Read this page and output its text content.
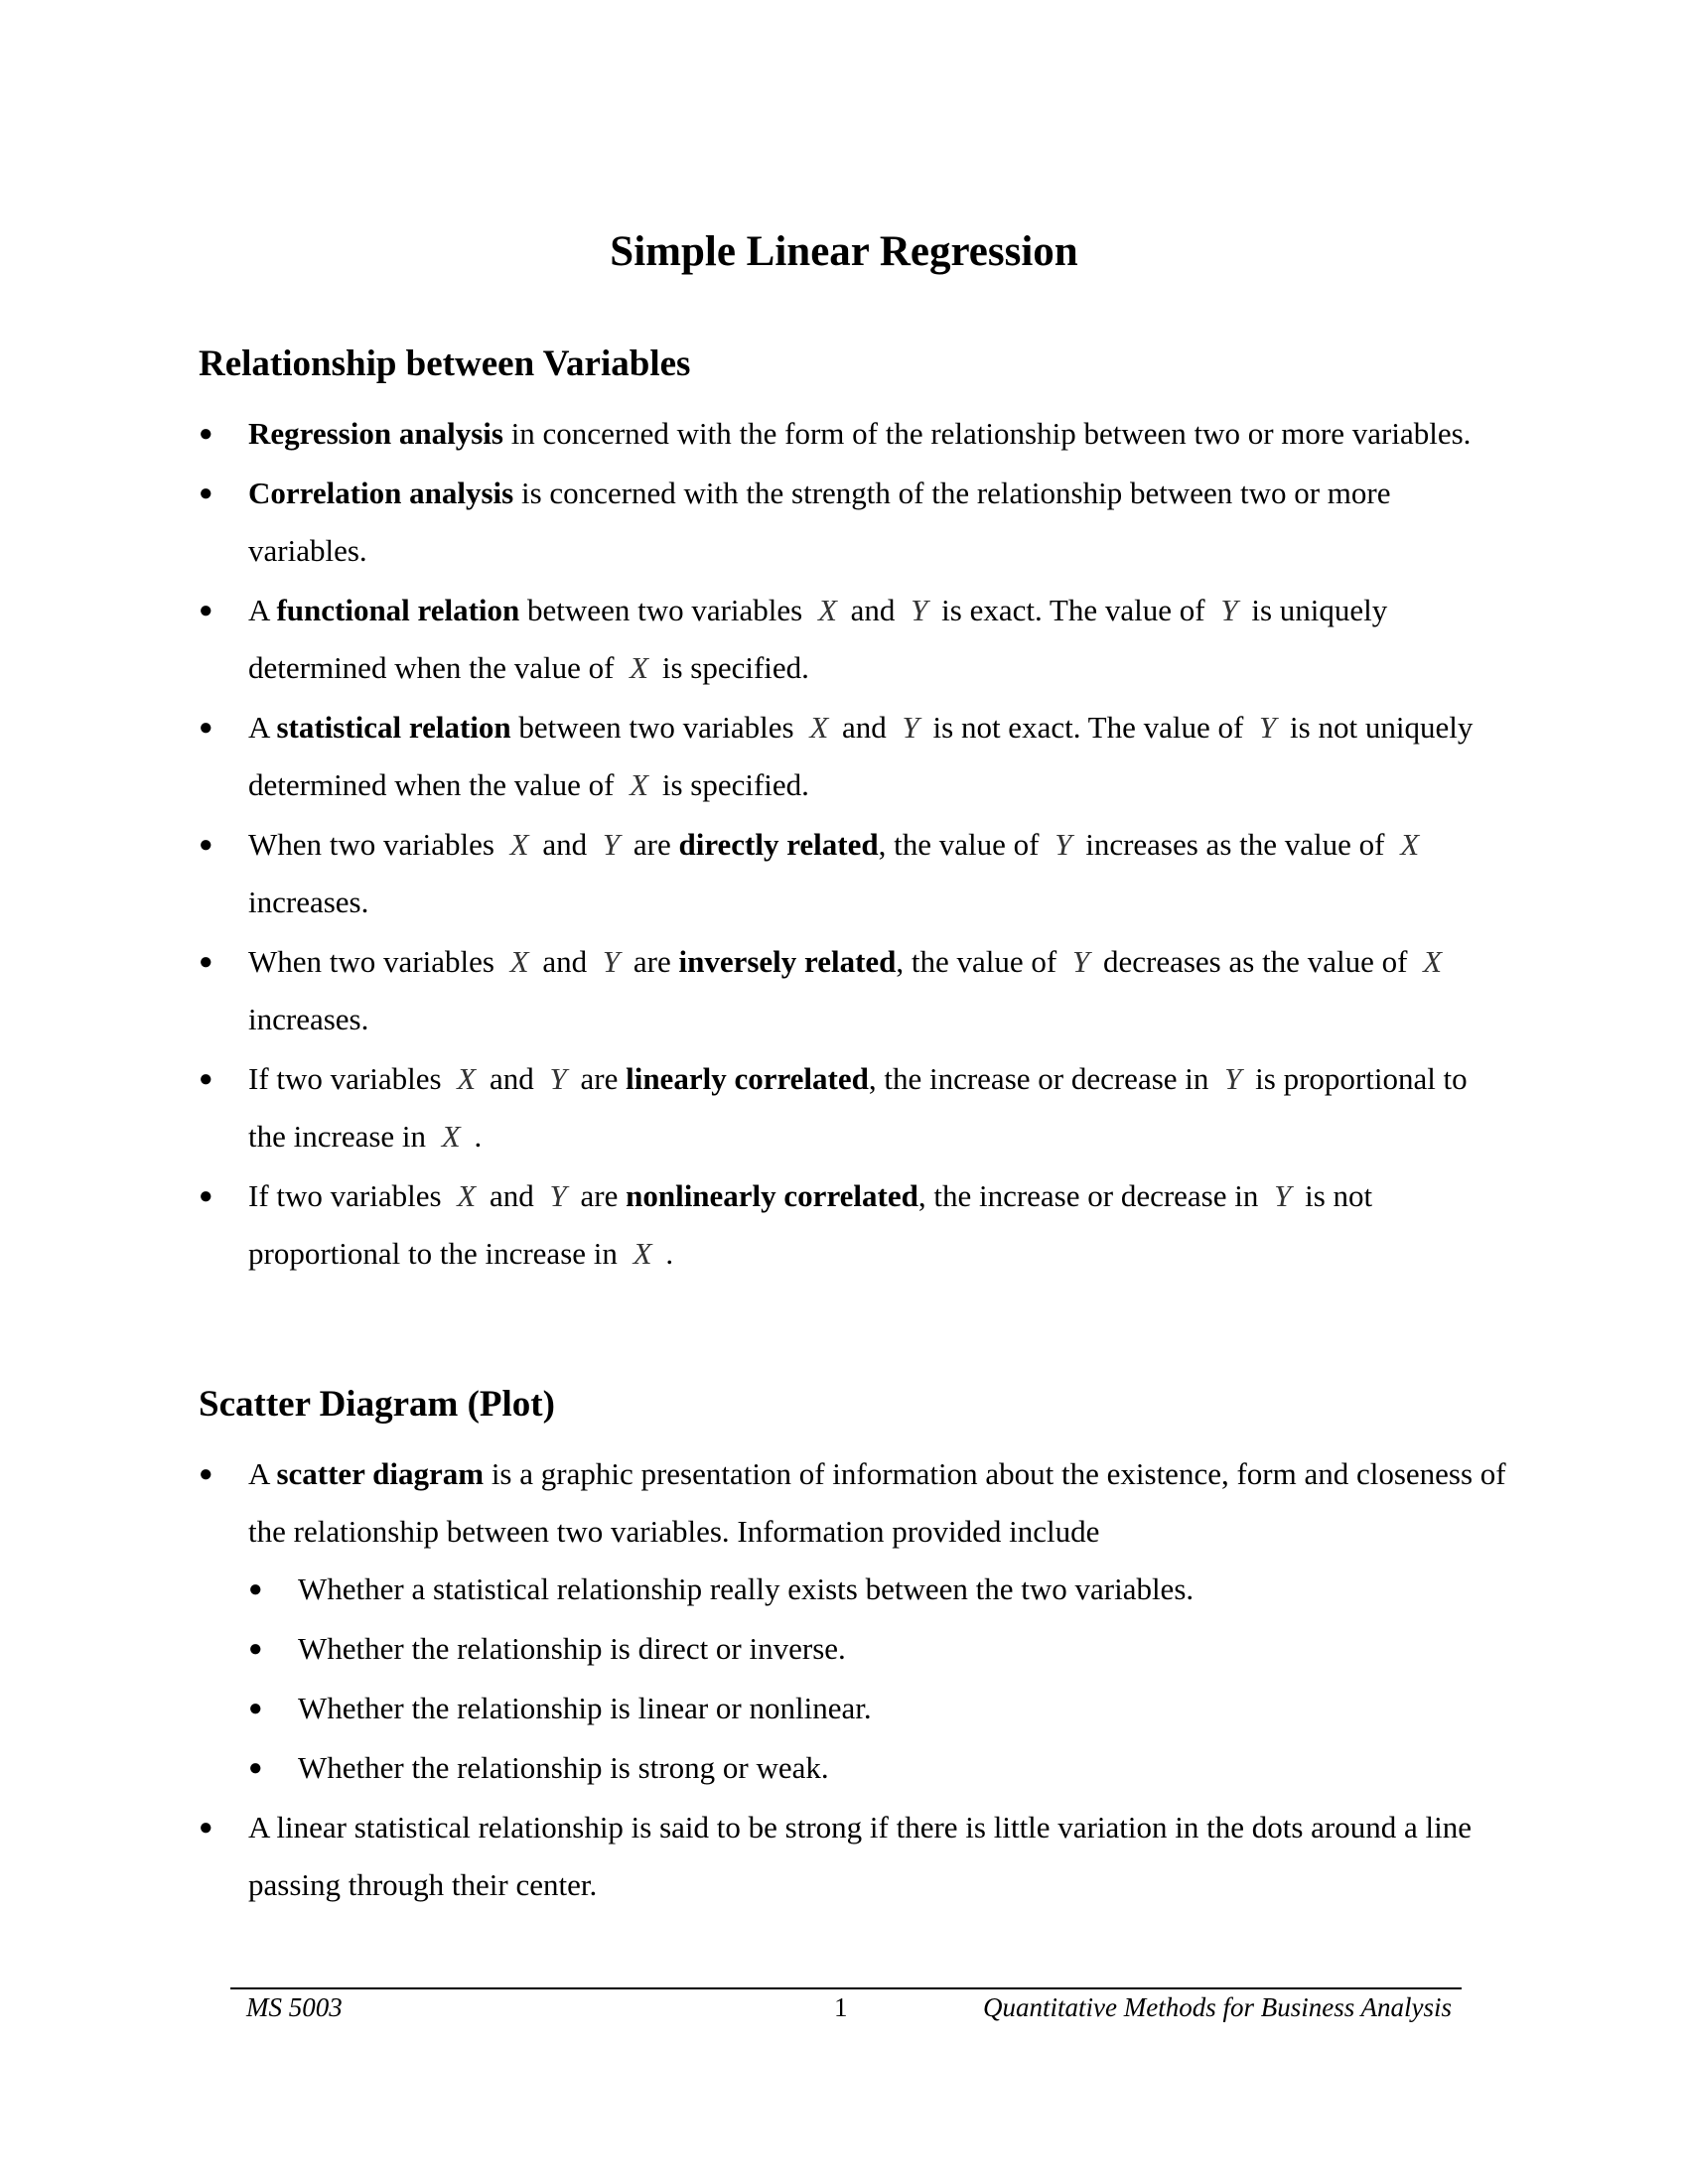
Simple Linear Regression
Relationship between Variables
● Regression analysis in concerned with the form of the relationship between two or more variables.
● Correlation analysis is concerned with the strength of the relationship between two or more variables.
● A functional relation between two variables X and Y is exact. The value of Y is uniquely determined when the value of X is specified.
● A statistical relation between two variables X and Y is not exact. The value of Y is not uniquely determined when the value of X is specified.
● When two variables X and Y are directly related, the value of Y increases as the value of X increases.
● When two variables X and Y are inversely related, the value of Y decreases as the value of X increases.
● If two variables X and Y are linearly correlated, the increase or decrease in Y is proportional to the increase in X .
● If two variables X and Y are nonlinearly correlated, the increase or decrease in Y is not proportional to the increase in X .
Scatter Diagram (Plot)
● A scatter diagram is a graphic presentation of information about the existence, form and closeness of the relationship between two variables. Information provided include
● Whether a statistical relationship really exists between the two variables.
● Whether the relationship is direct or inverse.
● Whether the relationship is linear or nonlinear.
● Whether the relationship is strong or weak.
● A linear statistical relationship is said to be strong if there is little variation in the dots around a line passing through their center.
MS 5003	1	Quantitative Methods for Business Analysis
